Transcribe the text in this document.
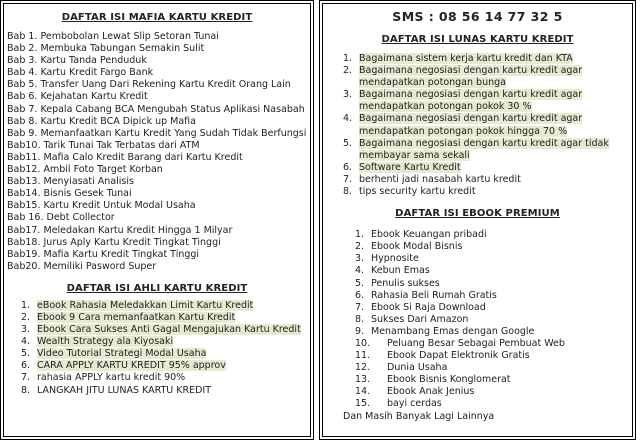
DAFTAR ISI MAFIA KARTU KREDIT
Bab 1. Pembobolan Lewat Slip Setoran Tunai
Bab 2. Membuka Tabungan Semakin Sulit
Bab 3. Kartu Tanda Penduduk
Bab 4. Kartu Kredit Fargo Bank
Bab 5. Transfer Uang Dari Rekening Kartu Kredit Orang Lain
Bab 6. Kejahatan Kartu Kredit
Bab 7. Kepala Cabang BCA Mengubah Status Aplikasi Nasabah
Bab 8. Kartu Kredit BCA Dipick up Mafia
Bab 9. Memanfaatkan Kartu Kredit Yang Sudah Tidak Berfungsi
Bab10. Tarik Tunai Tak Terbatas dari ATM
Bab11. Mafia Calo Kredit Barang dari Kartu Kredit
Bab12. Ambil Foto Target Korban
Bab13. Menyiasati Analisis
Bab14. Bisnis Gesek Tunai
Bab15. Kartu Kredit Untuk Modal Usaha
Bab 16. Debt Collector
Bab17. Meledakan Kartu Kredit Hingga 1 Milyar
Bab18. Jurus Aply Kartu Kredit Tingkat Tinggi
Bab19. Mafia Kartu Kredit Tingkat Tinggi
Bab20. Memiliki Pasword Super
DAFTAR ISI AHLI KARTU KREDIT
1. eBook Rahasia Meledakkan Limit Kartu Kredit
2. Ebook 9 Cara memanfaatkan Kartu Kredit
3. Ebook Cara Sukses Anti Gagal Mengajukan Kartu Kredit
4. Wealth Strategy ala Kiyosaki
5. Video Tutorial Strategi Modal Usaha
6. CARA APPLY KARTU KREDIT 95% approv
7. rahasia APPLY kartu kredit 90%
8. LANGKAH JITU LUNAS KARTU KREDIT
SMS : 08 56 14 77 32 5
DAFTAR ISI LUNAS KARTU KREDIT
1. Bagaimana sistem kerja kartu kredit dan KTA
2. Bagaimana negosiasi dengan kartu kredit agar
mendapatkan potongan bunga
3. Bagaimana negosiasi dengan kartu kredit agar
mendapatkan potongan pokok 30 %
4. Bagaimana negosiasi dengan kartu kredit agar
mendapatkan potongan pokok hingga 70 %
5. Bagaimana negosiasi dengan kartu kredit agar tidak
membayar sama sekali
6. Software Kartu Kredit
7. berhenti jadi nasabah kartu kredit
8. tips security kartu kredit
DAFTAR ISI EBOOK PREMIUM
1. Ebook Keuangan pribadi
2. Ebook Modal Bisnis
3. Hypnosite
4. Kebun Emas
5. Penulis sukses
6. Rahasia Beli Rumah Gratis
7. Ebook Si Raja Download
8. Sukses Dari Amazon
9. Menambang Emas dengan Google
10. Peluang Besar Sebagai Pembuat Web
11. Ebook Dapat Elektronik Gratis
12. Dunia Usaha
13. Ebook Bisnis Konglomerat
14. Ebook Anak Jenius
15. bayi cerdas
Dan Masih Banyak Lagi Lainnya
